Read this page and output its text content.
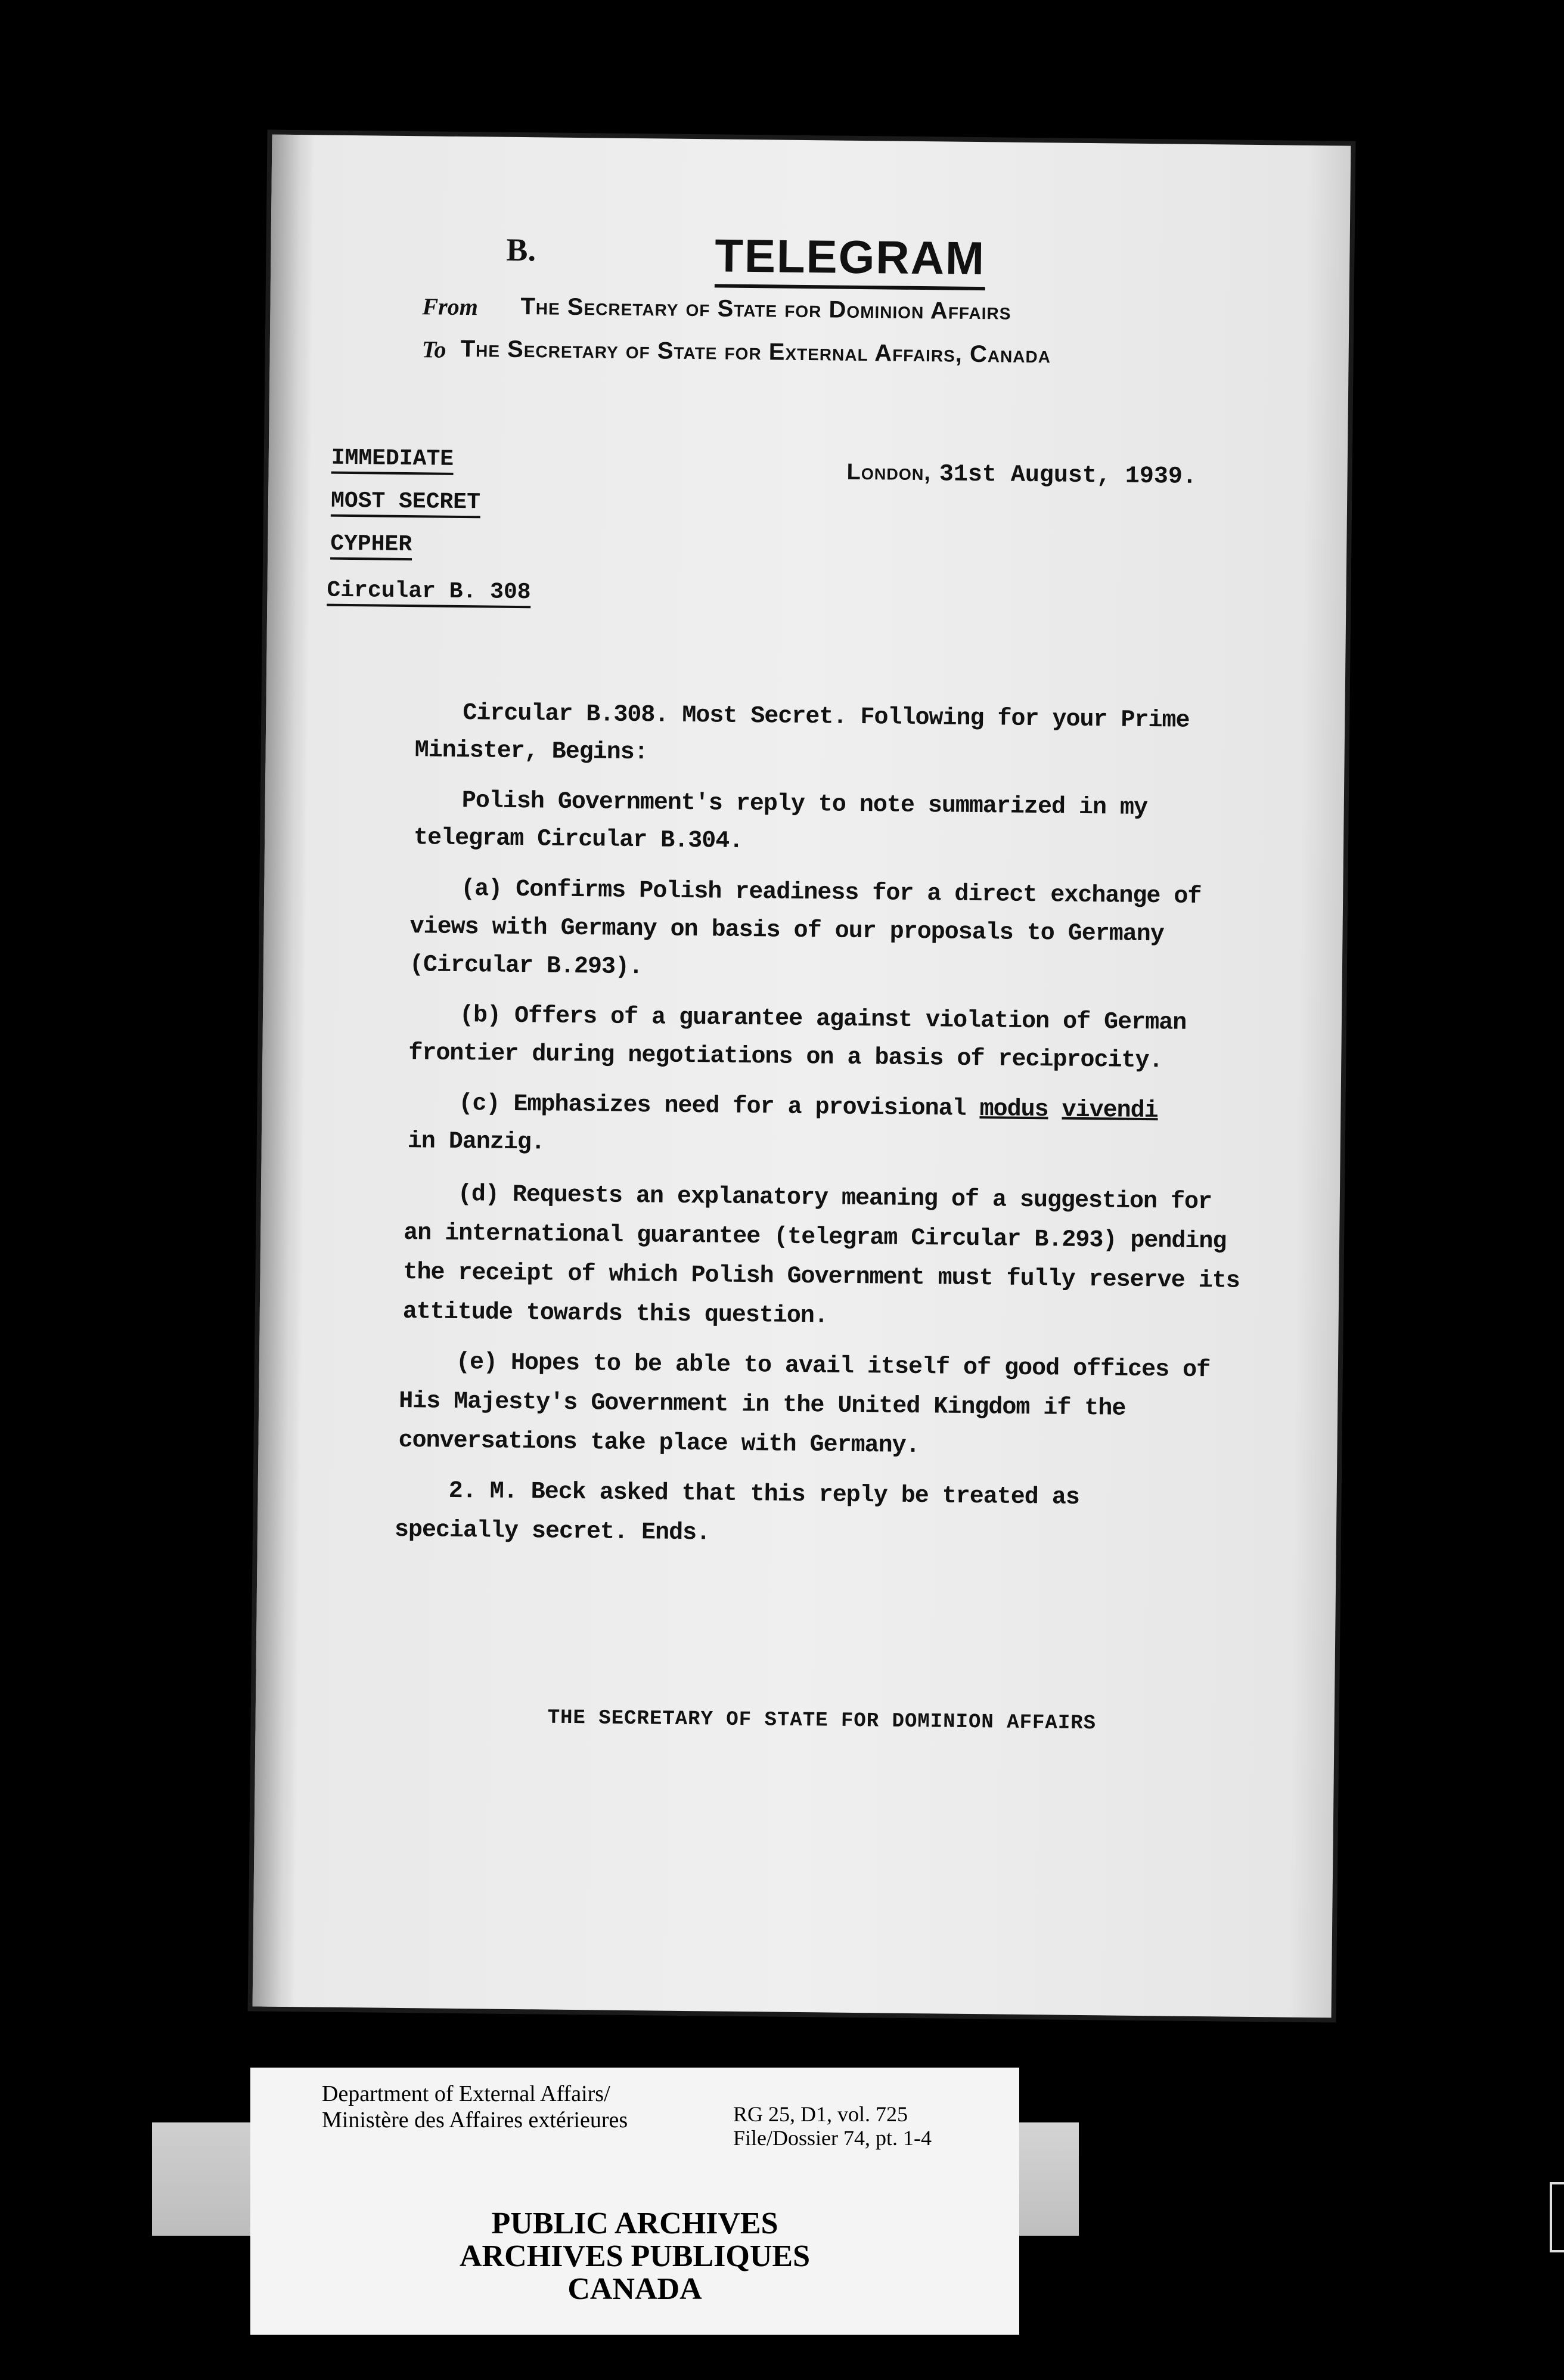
B.	TELEGRAM
From The Secretary of State for Dominion Affairs
To The Secretary of State for External Affairs, Canada
IMMEDIATE
MOST SECRET
CYPHER
Circular B. 308
London, 31st August, 1939.
Circular B.308. Most Secret. Following for your Prime
Minister, Begins:
Polish Government's reply to note summarized in my
telegram Circular B.304.
(a) Confirms Polish readiness for a direct exchange of
views with Germany on basis of our proposals to Germany
(Circular B.293).
(b) Offers of a guarantee against violation of German
frontier during negotiations on a basis of reciprocity.
(c) Emphasizes need for a provisional modus vivendi
in Danzig.
(d) Requests an explanatory meaning of a suggestion for
an international guarantee (telegram Circular B.293) pending
the receipt of which Polish Government must fully reserve its
attitude towards this question.
(e) Hopes to be able to avail itself of good offices of
His Majesty's Government in the United Kingdom if the
conversations take place with Germany.
2. M. Beck asked that this reply be treated as
specially secret. Ends.
THE SECRETARY OF STATE FOR DOMINION AFFAIRS
Department of External Affairs/
Ministère des Affaires extérieures	RG 25, D1, vol. 725
File/Dossier 74, pt. 1-4
PUBLIC ARCHIVES
ARCHIVES PUBLIQUES
CANADA
